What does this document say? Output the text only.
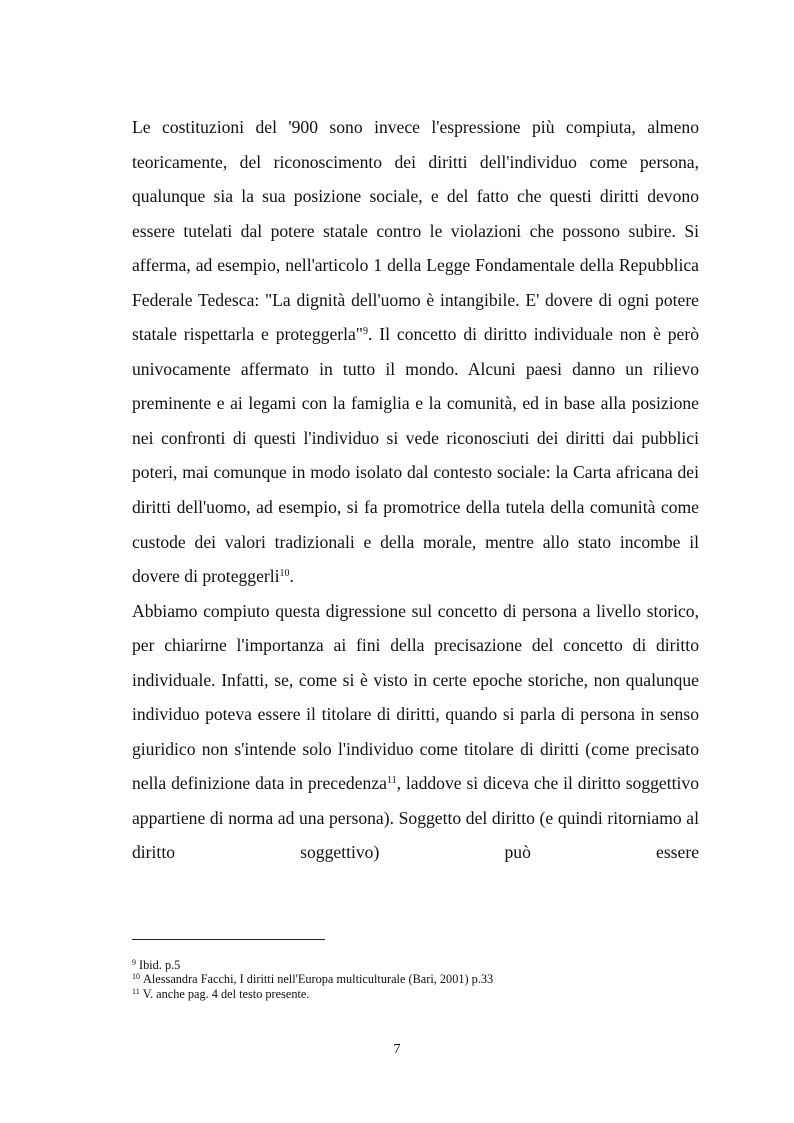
Le costituzioni del '900 sono invece l'espressione più compiuta, almeno teoricamente, del riconoscimento dei diritti dell'individuo come persona, qualunque sia la sua posizione sociale, e del fatto che questi diritti devono essere tutelati dal potere statale contro le violazioni che possono subire. Si afferma, ad esempio, nell'articolo 1 della Legge Fondamentale della Repubblica Federale Tedesca: "La dignità dell'uomo è intangibile. E' dovere di ogni potere statale rispettarla e proteggerla"$^9$. Il concetto di diritto individuale non è però univocamente affermato in tutto il mondo. Alcuni paesi danno un rilievo preminente e ai legami con la famiglia e la comunità, ed in base alla posizione nei confronti di questi l'individuo si vede riconosciuti dei diritti dai pubblici poteri, mai comunque in modo isolato dal contesto sociale: la Carta africana dei diritti dell'uomo, ad esempio, si fa promotrice della tutela della comunità come custode dei valori tradizionali e della morale, mentre allo stato incombe il dovere di proteggerli$^{10}$.

Abbiamo compiuto questa digressione sul concetto di persona a livello storico, per chiarirne l'importanza ai fini della precisazione del concetto di diritto individuale. Infatti, se, come si è visto in certe epoche storiche, non qualunque individuo poteva essere il titolare di diritti, quando si parla di persona in senso giuridico non s'intende solo l'individuo come titolare di diritti (come precisato nella definizione data in precedenza$^{11}$, laddove si diceva che il diritto soggettivo appartiene di norma ad una persona). Soggetto del diritto (e quindi ritorniamo al diritto soggettivo) può essere

$^9$ Ibid. p.5

$^{10}$ Alessandra Facchi, I diritti nell'Europa multiculturale (Bari, 2001) p.33

$^{11}$ V. anche pag. 4 del testo presente.

7
